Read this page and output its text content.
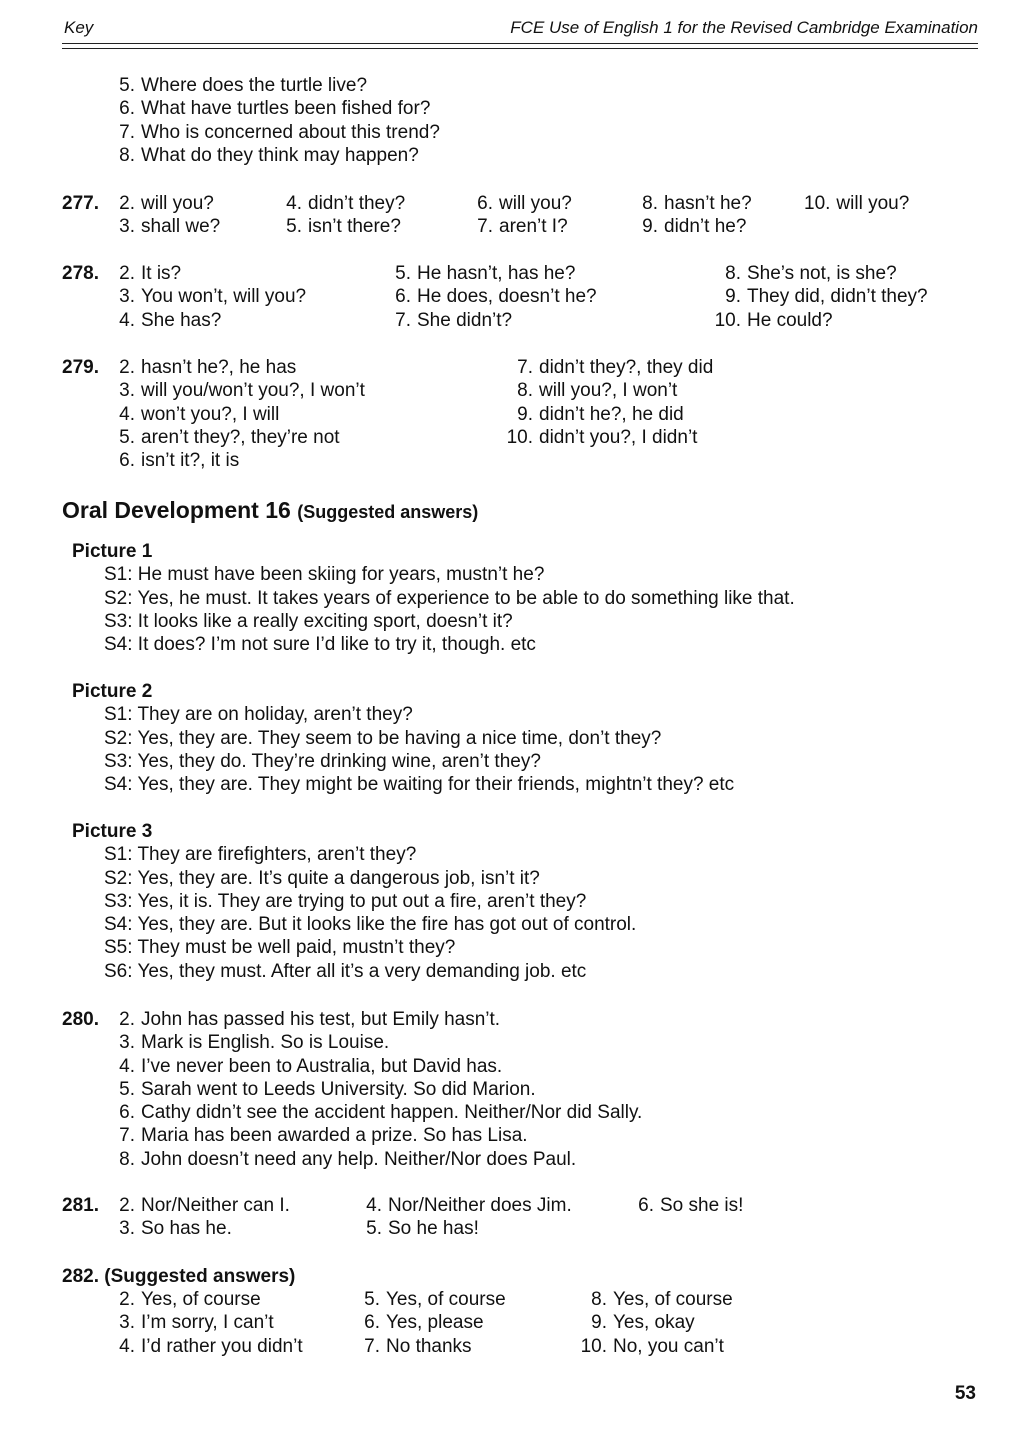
Key	FCE Use of English 1 for the Revised Cambridge Examination
5. Where does the turtle live?
6. What have turtles been fished for?
7. Who is concerned about this trend?
8. What do they think may happen?
277. 2. will you?
3. shall we?
4. didn’t they?
5. isn’t there?
6. will you?
7. aren’t I?
8. hasn’t he?
9. didn’t he?
10. will you?
278. 2. It is?
3. You won’t, will you?
4. She has?
5. He hasn’t, has he?
6. He does, doesn’t he?
7. She didn’t?
8. She’s not, is she?
9. They did, didn’t they?
10. He could?
279. 2. hasn’t he?, he has
3. will you/won’t you?, I won’t
4. won’t you?, I will
5. aren’t they?, they’re not
6. isn’t it?, it is
7. didn’t they?, they did
8. will you?, I won’t
9. didn’t he?, he did
10. didn’t you?, I didn’t
Oral Development 16 (Suggested answers)
Picture 1
S1: He must have been skiing for years, mustn’t he?
S2: Yes, he must. It takes years of experience to be able to do something like that.
S3: It looks like a really exciting sport, doesn’t it?
S4: It does? I’m not sure I’d like to try it, though. etc
Picture 2
S1: They are on holiday, aren’t they?
S2: Yes, they are. They seem to be having a nice time, don’t they?
S3: Yes, they do. They’re drinking wine, aren’t they?
S4: Yes, they are. They might be waiting for their friends, mightn’t they? etc
Picture 3
S1: They are firefighters, aren’t they?
S2: Yes, they are. It’s quite a dangerous job, isn’t it?
S3: Yes, it is. They are trying to put out a fire, aren’t they?
S4: Yes, they are. But it looks like the fire has got out of control.
S5: They must be well paid, mustn’t they?
S6: Yes, they must. After all it’s a very demanding job. etc
280. 2. John has passed his test, but Emily hasn’t.
3. Mark is English. So is Louise.
4. I’ve never been to Australia, but David has.
5. Sarah went to Leeds University. So did Marion.
6. Cathy didn’t see the accident happen. Neither/Nor did Sally.
7. Maria has been awarded a prize. So has Lisa.
8. John doesn’t need any help. Neither/Nor does Paul.
281. 2. Nor/Neither can I.
3. So has he.
4. Nor/Neither does Jim.
5. So he has!
6. So she is!
282. (Suggested answers)
2. Yes, of course
3. I’m sorry, I can’t
4. I’d rather you didn’t
5. Yes, of course
6. Yes, please
7. No thanks
8. Yes, of course
9. Yes, okay
10. No, you can’t
53
